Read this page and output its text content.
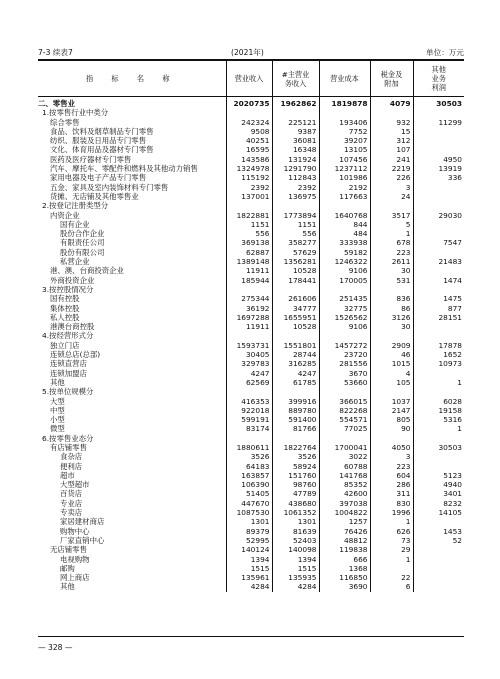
7-3 续表7	(2021年)	单位：万元
指 标 名 称	营业收入	#主营业
务收入	营业成本	税金及
附加	其他
业务
利润
二、零售业	2020735	1962862	1819878	4079	30503
1.按零售行业中类分					
综合零售	242324	225121	193406	932	11299
食品、饮料及烟草制品专门零售	9508	9387	7752	15	
纺织、服装及日用品专门零售	40251	36081	39207	312	
文化、体育用品及器材专门零售	16595	16348	13105	107	
医药及医疗器材专门零售	143586	131924	107456	241	4950
汽车、摩托车、零配件和燃料及其他动力销售	1324978	1291790	1237112	2219	13919
家用电器及电子产品专门零售	115192	112843	101986	226	336
五金、家具及室内装饰材料专门零售	2392	2392	2192	3	
货摊、无店铺及其他零售业	137001	136975	117663	24	
2.按登记注册类型分					
内资企业	1822881	1773894	1640768	3517	29030
国有企业	1151	1151	844	5	
股份合作企业	556	556	484	1	
有限责任公司	369138	358277	333938	678	7547
股份有限公司	62887	57629	59182	223	
私营企业	1389148	1356281	1246322	2611	21483
港、澳、台商投资企业	11911	10528	9106	30	
外商投资企业	185944	178441	170005	531	1474
3.按控股情况分					
国有控股	275344	261606	251435	836	1475
集体控股	36192	34777	32775	86	877
私人控股	1697288	1655951	1526562	3126	28151
港澳台商控股	11911	10528	9106	30	
4.按经营形式分					
独立门店	1593731	1551801	1457272	2909	17878
连锁总店(总部)	30405	28744	23720	46	1652
连锁直营店	329783	316285	281556	1015	10973
连锁加盟店	4247	4247	3670	4	
其他	62569	61785	53660	105	1
5.按单位规模分					
大型	416353	399916	366015	1037	6028
中型	922018	889780	822268	2147	19158
小型	599191	591400	554571	805	5316
微型	83174	81766	77025	90	1
6.按零售业态分					
有店铺零售	1880611	1822764	1700041	4050	30503
食杂店	3526	3526	3022	3	
便利店	64183	58924	60788	223	
超市	163857	151760	141768	604	5123
大型超市	106390	98760	85352	286	4940
百货店	51405	47789	42600	311	3401
专业店	447670	438680	397038	830	8232
专卖店	1087530	1061352	1004822	1996	14105
家居建材商店	1301	1301	1257	1	
购物中心	89379	81639	76426	626	1453
厂家直销中心	52995	52403	48812	73	52
无店铺零售	140124	140098	119838	29	
电视购物	1394	1394	666	1	
邮购	1515	1515	1368		
网上商店	135961	135935	116850	22	
其他	4284	4284	3690	6	
— 328 —
